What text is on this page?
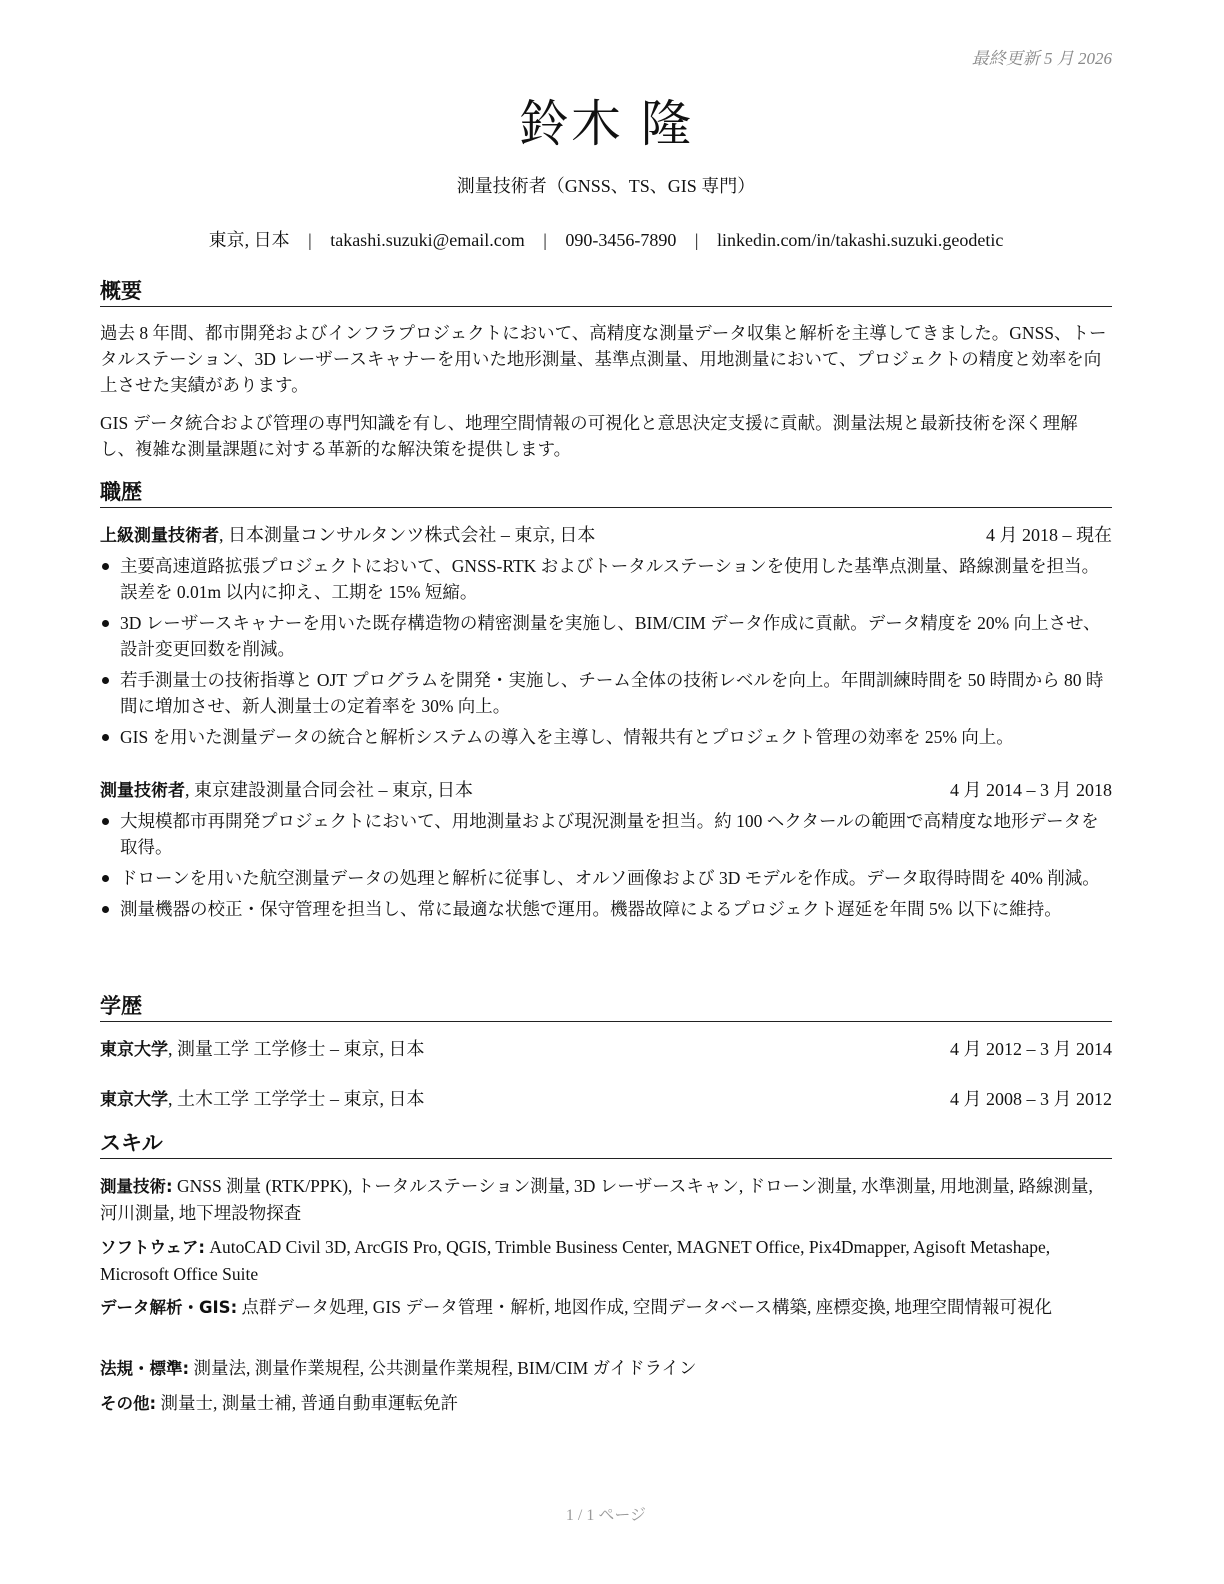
最終更新 5 月 2026
鈴木 隆
測量技術者（GNSS、TS、GIS 専門）
東京, 日本 | takashi.suzuki@email.com | 090-3456-7890 | linkedin.com/in/takashi.suzuki.geodetic
概要
過去 8 年間、都市開発およびインフラプロジェクトにおいて、高精度な測量データ収集と解析を主導してきました。GNSS、トータルステーション、3D レーザースキャナーを用いた地形測量、基準点測量、用地測量において、プロジェクトの精度と効率を向上させた実績があります。
GIS データ統合および管理の専門知識を有し、地理空間情報の可視化と意思決定支援に貢献。測量法規と最新技術を深く理解し、複雑な測量課題に対する革新的な解決策を提供します。
職歴
上級測量技術者, 日本測量コンサルタンツ株式会社 – 東京, 日本	4 月 2018 – 現在
主要高速道路拡張プロジェクトにおいて、GNSS-RTK およびトータルステーションを使用した基準点測量、路線測量を担当。誤差を 0.01m 以内に抑え、工期を 15% 短縮。
3D レーザースキャナーを用いた既存構造物の精密測量を実施し、BIM/CIM データ作成に貢献。データ精度を 20% 向上させ、設計変更回数を削減。
若手測量士の技術指導と OJT プログラムを開発・実施し、チーム全体の技術レベルを向上。年間訓練時間を 50 時間から 80 時間に増加させ、新人測量士の定着率を 30% 向上。
GIS を用いた測量データの統合と解析システムの導入を主導し、情報共有とプロジェクト管理の効率を 25% 向上。
測量技術者, 東京建設測量合同会社 – 東京, 日本	4 月 2014 – 3 月 2018
大規模都市再開発プロジェクトにおいて、用地測量および現況測量を担当。約 100 ヘクタールの範囲で高精度な地形データを取得。
ドローンを用いた航空測量データの処理と解析に従事し、オルソ画像および 3D モデルを作成。データ取得時間を 40% 削減。
測量機器の校正・保守管理を担当し、常に最適な状態で運用。機器故障によるプロジェクト遅延を年間 5% 以下に維持。
学歴
東京大学, 測量工学 工学修士 – 東京, 日本	4 月 2012 – 3 月 2014
東京大学, 土木工学 工学学士 – 東京, 日本	4 月 2008 – 3 月 2012
スキル
測量技術: GNSS 測量 (RTK/PPK), トータルステーション測量, 3D レーザースキャン, ドローン測量, 水準測量, 用地測量, 路線測量, 河川測量, 地下埋設物探査
ソフトウェア: AutoCAD Civil 3D, ArcGIS Pro, QGIS, Trimble Business Center, MAGNET Office, Pix4Dmapper, Agisoft Metashape, Microsoft Office Suite
データ解析・GIS: 点群データ処理, GIS データ管理・解析, 地図作成, 空間データベース構築, 座標変換, 地理空間情報可視化
法規・標準: 測量法, 測量作業規程, 公共測量作業規程, BIM/CIM ガイドライン
その他: 測量士, 測量士補, 普通自動車運転免許
1 / 1 ページ
